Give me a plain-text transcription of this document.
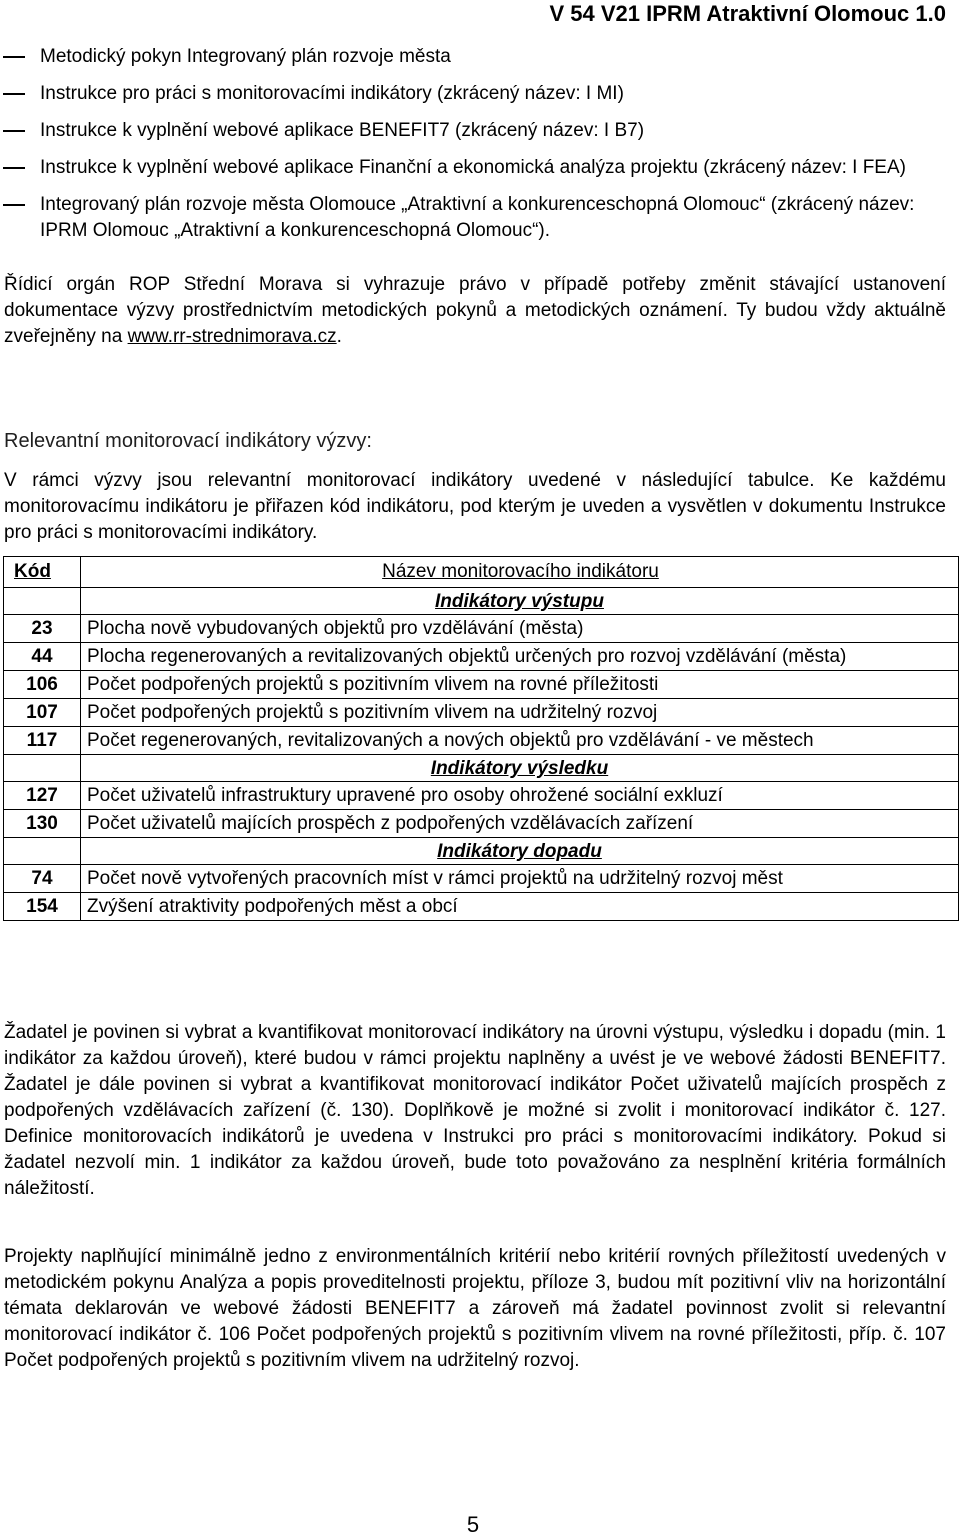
V 54 V21 IPRM Atraktivní Olomouc 1.0
Metodický pokyn Integrovaný plán rozvoje města
Instrukce pro práci s monitorovacími indikátory (zkrácený název: I MI)
Instrukce k vyplnění webové aplikace BENEFIT7 (zkrácený název: I B7)
Instrukce k vyplnění webové aplikace Finanční a ekonomická analýza projektu (zkrácený název: I FEA)
Integrovaný plán rozvoje města Olomouce „Atraktivní a konkurenceschopná Olomouc“ (zkrácený název: IPRM Olomouc „Atraktivní a konkurenceschopná Olomouc“).

Řídicí orgán ROP Střední Morava si vyhrazuje právo v případě potřeby změnit stávající ustanovení dokumentace výzvy prostřednictvím metodických pokynů a metodických oznámení. Ty budou vždy aktuálně zveřejněny na www.rr-strednimorava.cz.

Relevantní monitorovací indikátory výzvy:

V rámci výzvy jsou relevantní monitorovací indikátory uvedené v následující tabulce. Ke každému monitorovacímu indikátoru je přiřazen kód indikátoru, pod kterým je uveden a vysvětlen v dokumentu Instrukce pro práci s monitorovacími indikátory.

Kód	Název monitorovacího indikátoru
	Indikátory výstupu
23	Plocha nově vybudovaných objektů pro vzdělávání (města)
44	Plocha regenerovaných a revitalizovaných objektů určených pro rozvoj vzdělávání (města)
106	Počet podpořených projektů s pozitivním vlivem na rovné příležitosti
107	Počet podpořených projektů s pozitivním vlivem na udržitelný rozvoj
117	Počet regenerovaných, revitalizovaných a nových objektů pro vzdělávání - ve městech
	Indikátory výsledku
127	Počet uživatelů infrastruktury upravené pro osoby ohrožené sociální exkluzí
130	Počet uživatelů majících prospěch z podpořených vzdělávacích zařízení
	Indikátory dopadu
74	Počet nově vytvořených pracovních míst v rámci projektů na udržitelný rozvoj měst
154	Zvýšení atraktivity podpořených měst a obcí

Žadatel je povinen si vybrat a kvantifikovat monitorovací indikátory na úrovni výstupu, výsledku i dopadu (min. 1 indikátor za každou úroveň), které budou v rámci projektu naplněny a uvést je ve webové žádosti BENEFIT7. Žadatel je dále povinen si vybrat a kvantifikovat monitorovací indikátor Počet uživatelů majících prospěch z podpořených vzdělávacích zařízení (č. 130). Doplňkově je možné si zvolit i monitorovací indikátor č. 127. Definice monitorovacích indikátorů je uvedena v Instrukci pro práci s monitorovacími indikátory. Pokud si žadatel nezvolí min. 1 indikátor za každou úroveň, bude toto považováno za nesplnění kritéria formálních náležitostí.

Projekty naplňující minimálně jedno z environmentálních kritérií nebo kritérií rovných příležitostí uvedených v metodickém pokynu Analýza a popis proveditelnosti projektu, příloze 3, budou mít pozitivní vliv na horizontální témata deklarován ve webové žádosti BENEFIT7 a zároveň má žadatel povinnost zvolit si relevantní monitorovací indikátor č. 106 Počet podpořených projektů s pozitivním vlivem na rovné příležitosti, příp. č. 107 Počet podpořených projektů s pozitivním vlivem na udržitelný rozvoj.

5
